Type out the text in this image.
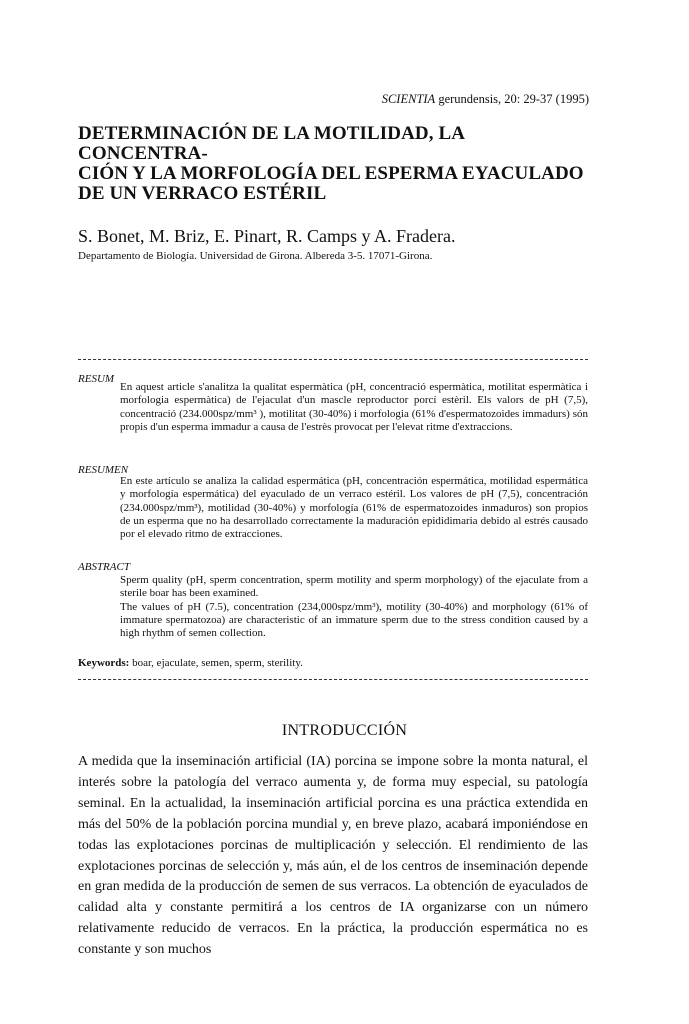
SCIENTIA gerundensis, 20: 29-37 (1995)
DETERMINACIÓN DE LA MOTILIDAD, LA CONCENTRA-
CIÓN Y LA MORFOLOGÍA DEL ESPERMA EYACULADO
DE UN VERRACO ESTÉRIL
S. Bonet, M. Briz, E. Pinart, R. Camps y A. Fradera.
Departamento de Biología. Universidad de Girona. Albereda 3-5. 17071-Girona.
RESUM
En aquest article s'analitza la qualitat espermàtica (pH, concentració espermàtica, motilitat espermàtica i morfologia espermàtica) de l'ejaculat d'un mascle reproductor porcí estèril. Els valors de pH (7,5), concentració (234.000spz/mm³ ), motilitat (30-40%) i morfologia (61% d'espermatozoides immadurs) són propis d'un esperma immadur a causa de l'estrès provocat per l'elevat ritme d'extraccions.
RESUMEN
En este artículo se analiza la calidad espermática (pH, concentración espermática, motilidad espermática y morfología espermática) del eyaculado de un verraco estéril. Los valores de pH (7,5), concentración (234.000spz/mm³), motilidad (30-40%) y morfología (61% de espermatozoides inmaduros) son propios de un esperma que no ha desarrollado correctamente la maduración epididimaria debido al estrés causado por el elevado ritmo de extracciones.
ABSTRACT

Sperm quality (pH, sperm concentration, sperm motility and sperm morphology) of the ejaculate from a sterile boar has been examined.

The values of pH (7.5), concentration (234,000spz/mm³), motility (30-40%) and morphology (61% of immature spermatozoa) are characteristic of an immature sperm due to the stress condition caused by a high rhythm of semen collection.

Keywords: boar, ejaculate, semen, sperm, sterility.
INTRODUCCIÓN

A medida que la inseminación artificial (IA) porcina se impone sobre la monta natural, el interés sobre la patología del verraco aumenta y, de forma muy especial, su patología seminal. En la actualidad, la inseminación artificial porcina es una práctica extendida en más del 50% de la población porcina mundial y, en breve plazo, acabará imponiéndose en todas las explotaciones porcinas de multiplicación y selección. El rendimiento de las explotaciones porcinas de selección y, más aún, el de los centros de inseminación depende en gran medida de la producción de semen de sus verracos. La obtención de eyaculados de calidad alta y constante permitirá a los centros de IA organizarse con un número relativamente reducido de verracos. En la práctica, la producción espermática no es constante y son muchos
